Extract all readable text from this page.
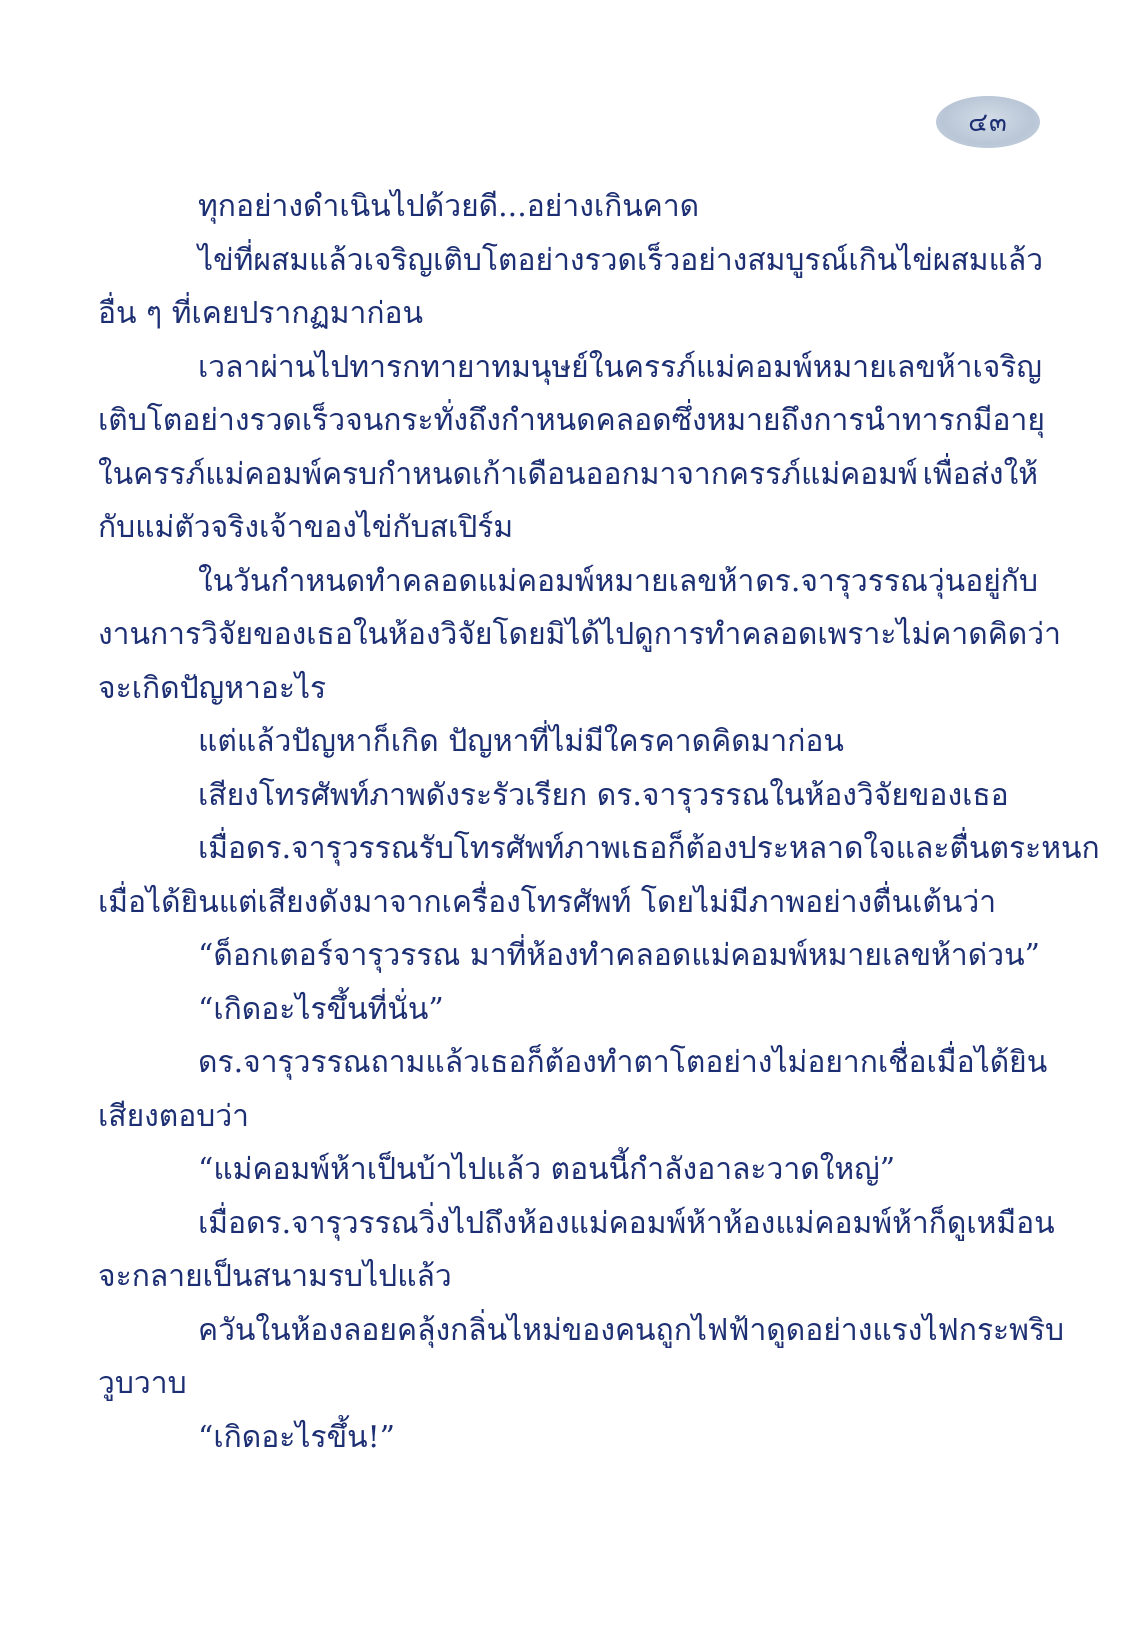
๔๓
ทุกอย่างดำเนินไปด้วยดี...อย่างเกินคาด
ไข่ที่ผสมแล้วเจริญเติบโตอย่างรวดเร็วอย่างสมบูรณ์ เกินไข่ผสมแล้ว
อื่น ๆ ที่เคยปรากฏมาก่อน
เวลาผ่านไป ทารกทายาทมนุษย์ในครรภ์แม่คอมพ์หมายเลขห้าเจริญ
เติบโตอย่างรวดเร็ว จนกระทั่งถึงกำหนดคลอด ซึ่งหมายถึงการนำทารกมีอายุ
ในครรภ์แม่คอมพ์ครบกำหนดเก้าเดือนออกมาจากครรภ์แม่คอมพ์ เพื่อส่งให้
กับแม่ตัวจริงเจ้าของไข่กับสเปิร์ม
ในวันกำหนดทำคลอดแม่คอมพ์หมายเลขห้า ดร.จารุวรรณวุ่นอยู่กับ
งานการวิจัยของเธอในห้องวิจัย โดยมิได้ไปดูการทำคลอด เพราะไม่คาดคิดว่า
จะเกิดปัญหาอะไร
แต่แล้วปัญหาก็เกิด ปัญหาที่ไม่มีใครคาดคิดมาก่อน
เสียงโทรศัพท์ภาพดังระรัวเรียก ดร.จารุวรรณในห้องวิจัยของเธอ
เมื่อดร.จารุวรรณรับโทรศัพท์ภาพ เธอก็ต้องประหลาดใจ และตื่นตระหนก
เมื่อได้ยินแต่เสียงดังมาจากเครื่องโทรศัพท์ โดยไม่มีภาพอย่างตื่นเต้นว่า
“ด็อกเตอร์จารุวรรณ มาที่ห้องทำคลอดแม่คอมพ์หมายเลขห้าด่วน”
“เกิดอะไรขึ้นที่นั่น”
ดร.จารุวรรณถาม แล้วเธอก็ต้องทำตาโตอย่างไม่อยากเชื่อเมื่อได้ยิน
เสียงตอบว่า
“แม่คอมพ์ห้าเป็นบ้าไปแล้ว ตอนนี้กำลังอาละวาดใหญ่”
เมื่อดร.จารุวรรณ วิ่งไปถึงห้องแม่คอมพ์ห้า ห้องแม่คอมพ์ห้าก็ดูเหมือน
จะกลายเป็นสนามรบไปแล้ว
ควันในห้องลอยคลุ้ง กลิ่นไหม่ของคนถูกไฟฟ้าดูดอย่างแรง ไฟกระพริบ
วูบวาบ
“เกิดอะไรขึ้น!”
